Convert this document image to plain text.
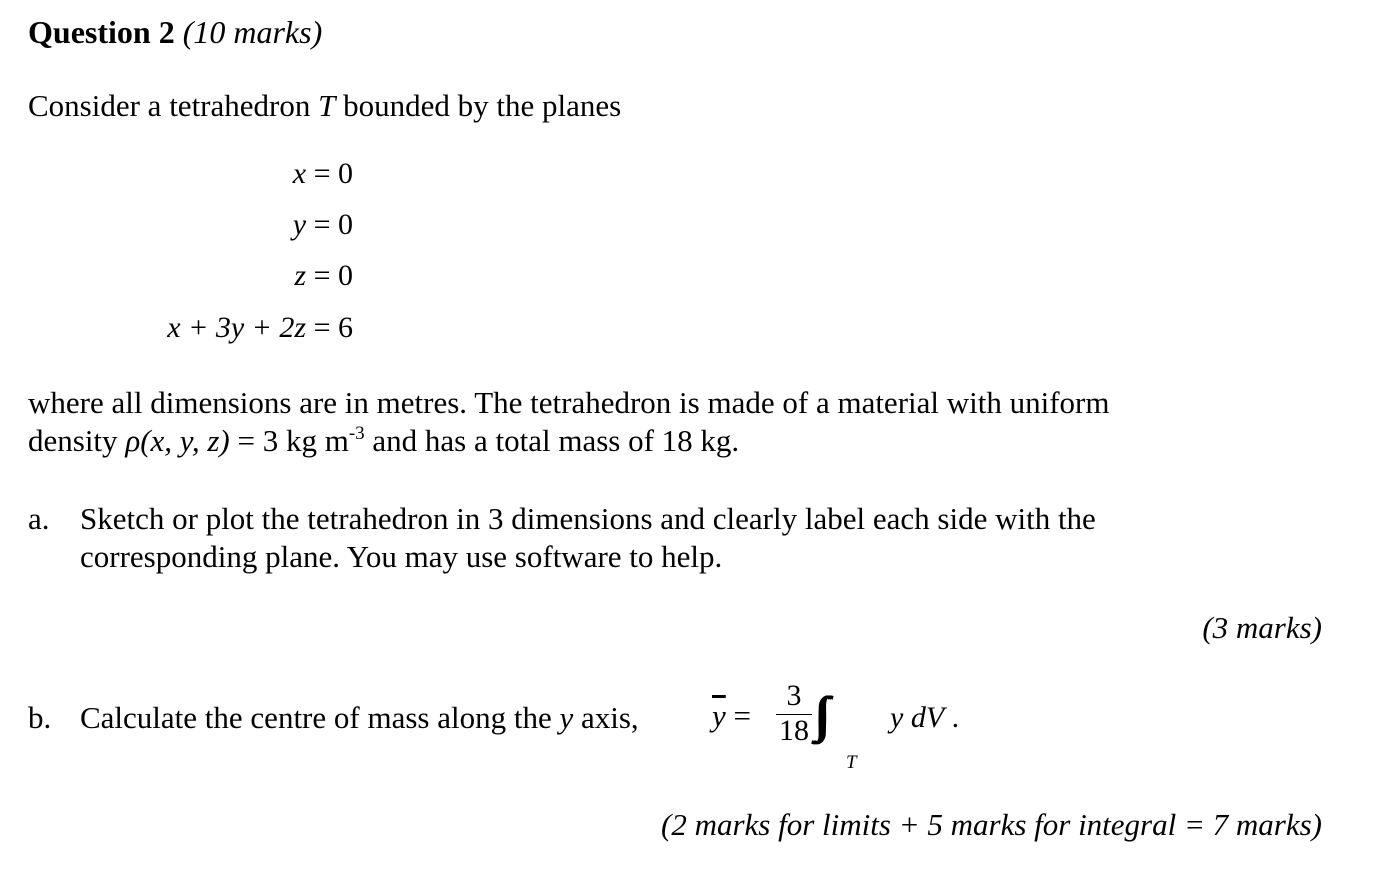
Question 2 (10 marks)
Consider a tetrahedron T bounded by the planes
x = 0
y = 0
z = 0
x + 3y + 2z = 6
where all dimensions are in metres. The tetrahedron is made of a material with uniform
density ρ(x, y, z) = 3 kg $m^{-3}$ and has a total mass of 18 kg.
a. Sketch or plot the tetrahedron in 3 dimensions and clearly label each side with the
corresponding plane. You may use software to help.
(3 marks)
b. Calculate the centre of mass along the y axis, $\overline{y}$ =
3
18 ∫∫∫
T
y dV .
(2 marks for limits + 5 marks for integral = 7 marks)
